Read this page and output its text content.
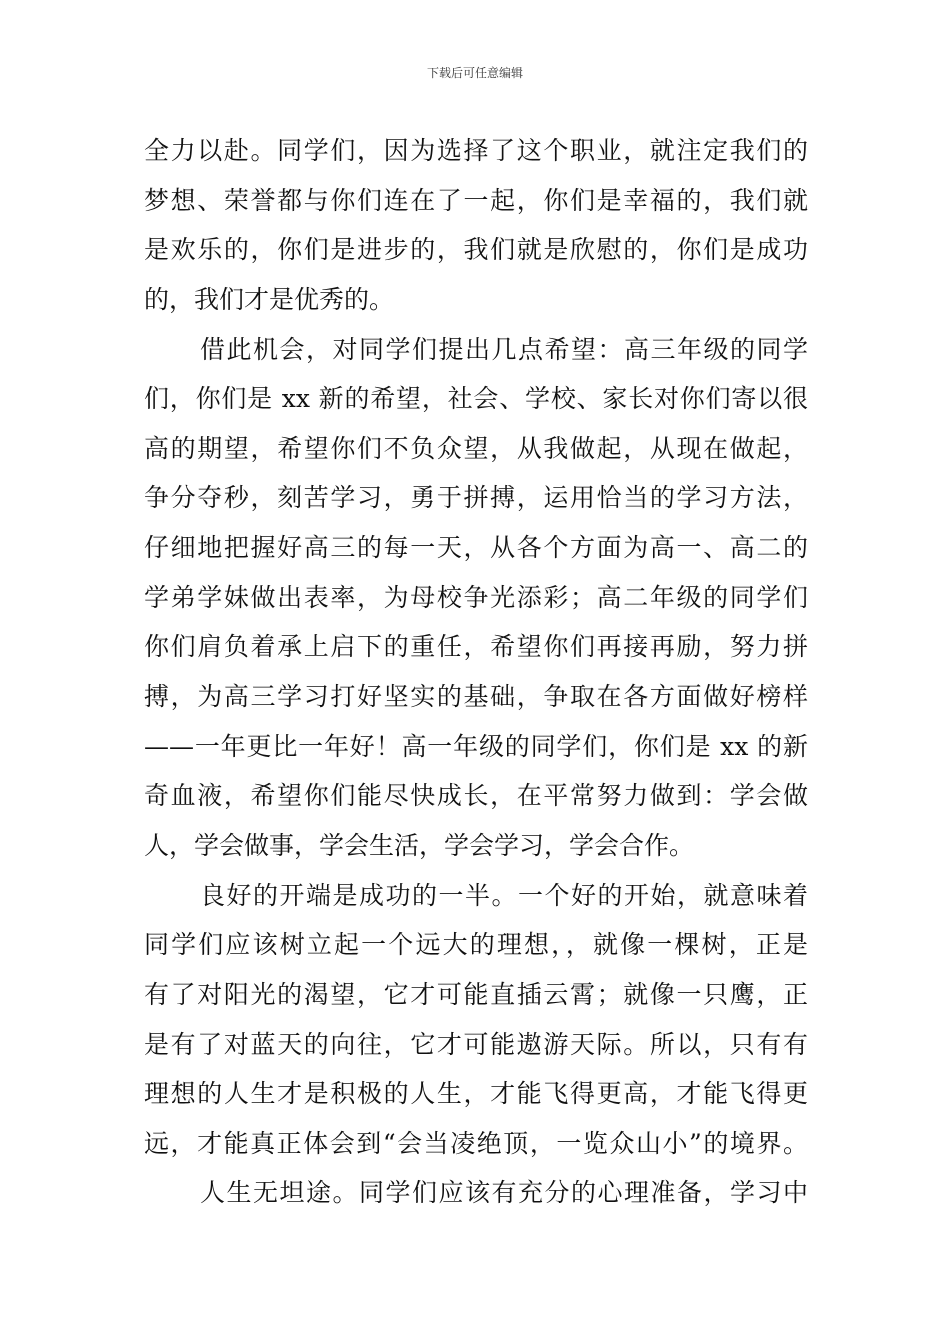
下载后可任意编辑
全力以赴。同学们，因为选择了这个职业，就注定我们的
梦想、荣誉都与你们连在了一起，你们是幸福的，我们就
是欢乐的，你们是进步的，我们就是欣慰的，你们是成功
的，我们才是优秀的。
借此机会，对同学们提出几点希望：高三年级的同学
们，你们是 xx 新的希望，社会、学校、家长对你们寄以很
高的期望，希望你们不负众望，从我做起，从现在做起，
争分夺秒，刻苦学习，勇于拼搏，运用恰当的学习方法，
仔细地把握好高三的每一天，从各个方面为高一、高二的
学弟学妹做出表率，为母校争光添彩；高二年级的同学们
你们肩负着承上启下的重任，希望你们再接再励，努力拼
搏，为高三学习打好坚实的基础，争取在各方面做好榜样
——一年更比一年好！高一年级的同学们，你们是 xx 的新
奇血液，希望你们能尽快成长，在平常努力做到：学会做
人，学会做事，学会生活，学会学习，学会合作。
良好的开端是成功的一半。一个好的开始，就意味着
同学们应该树立起一个远大的理想，，就像一棵树，正是
有了对阳光的渴望，它才可能直插云霄；就像一只鹰，正
是有了对蓝天的向往，它才可能遨游天际。所以，只有有
理想的人生才是积极的人生，才能飞得更高，才能飞得更
远，才能真正体会到“会当凌绝顶，一览众山小”的境界。
人生无坦途。同学们应该有充分的心理准备，学习中
